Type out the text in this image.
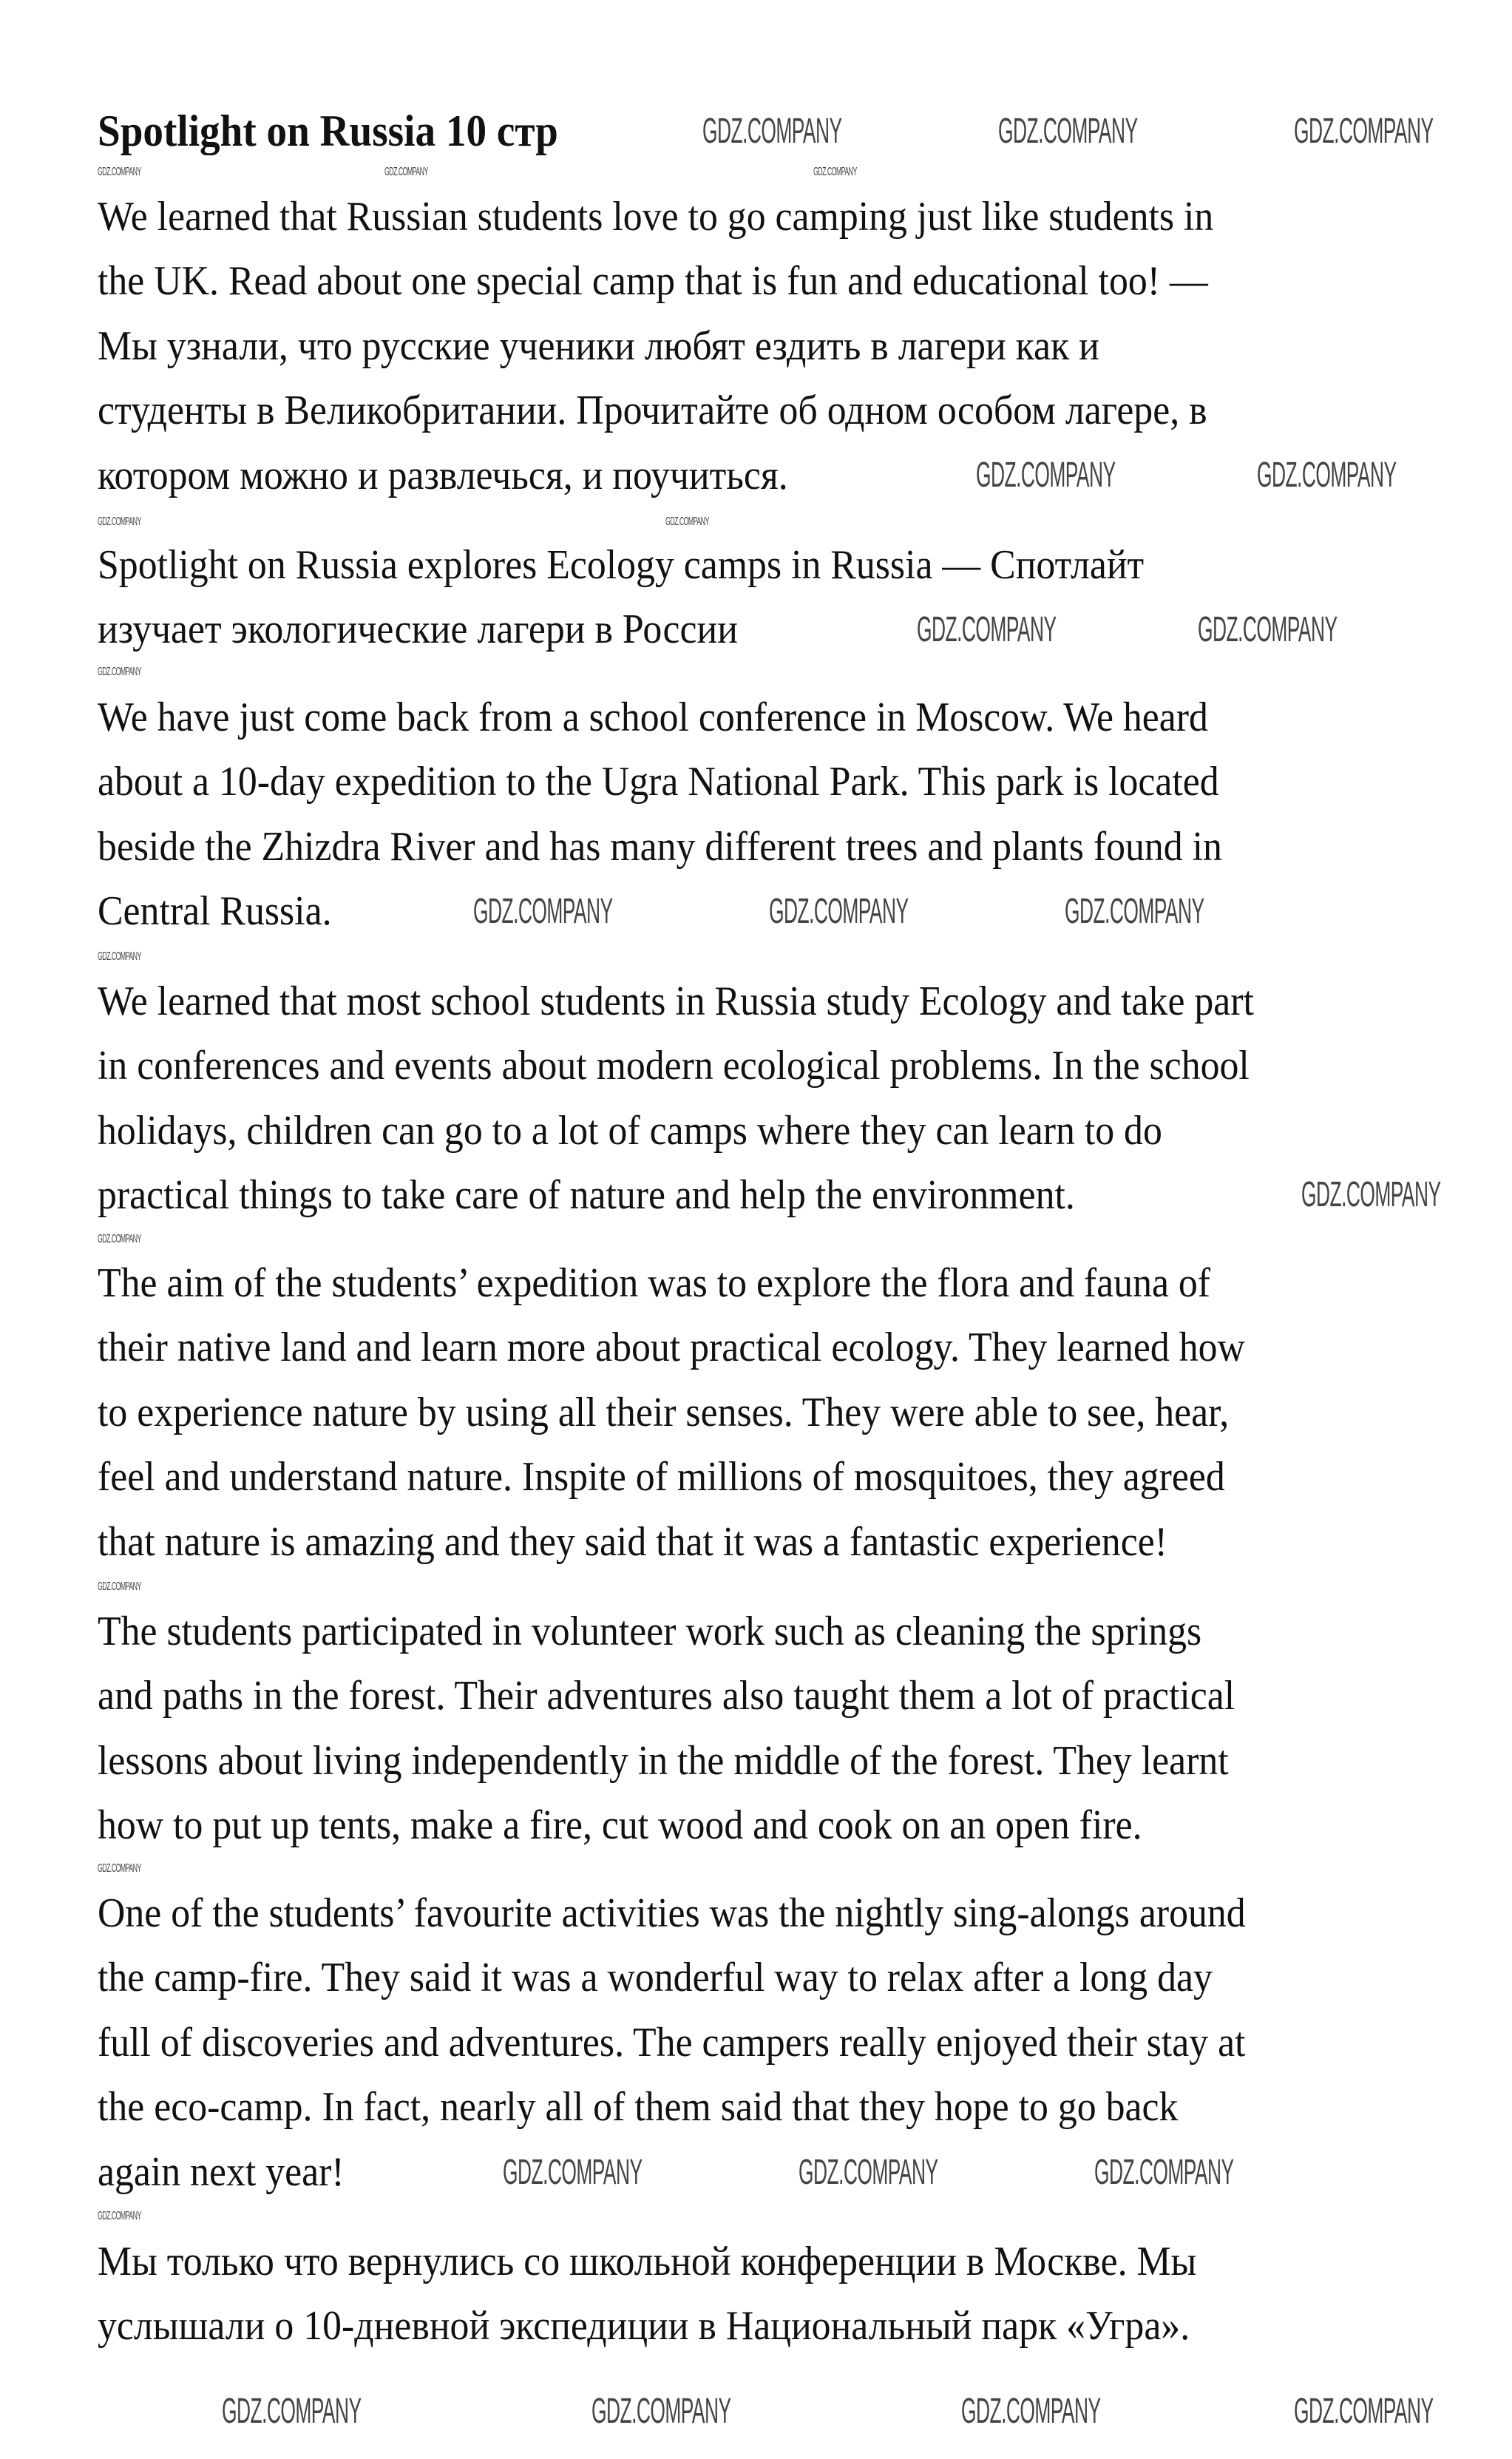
Spotlight on Russia 10 стр
We learned that Russian students love to go camping just like students in
the UK. Read about one special camp that is fun and educational too! —
Мы узнали, что русские ученики любят ездить в лагери как и
студенты в Великобритании. Прочитайте об одном особом лагере, в
котором можно и развлечься, и поучиться.
Spotlight on Russia explores Ecology camps in Russia — Спотлайт
изучает экологические лагери в России
We have just come back from a school conference in Moscow. We heard
about a 10-day expedition to the Ugra National Park. This park is located
beside the Zhizdra River and has many different trees and plants found in
Central Russia.
We learned that most school students in Russia study Ecology and take part
in conferences and events about modern ecological problems. In the school
holidays, children can go to a lot of camps where they can learn to do
practical things to take care of nature and help the environment.
The aim of the students’ expedition was to explore the flora and fauna of
their native land and learn more about practical ecology. They learned how
to experience nature by using all their senses. They were able to see, hear,
feel and understand nature. Inspite of millions of mosquitoes, they agreed
that nature is amazing and they said that it was a fantastic experience!
The students participated in volunteer work such as cleaning the springs
and paths in the forest. Their adventures also taught them a lot of practical
lessons about living independently in the middle of the forest. They learnt
how to put up tents, make a fire, cut wood and cook on an open fire.
One of the students’ favourite activities was the nightly sing-alongs around
the camp-fire. They said it was a wonderful way to relax after a long day
full of discoveries and adventures. The campers really enjoyed their stay at
the eco-camp. In fact, nearly all of them said that they hope to go back
again next year!
Мы только что вернулись со школьной конференции в Москве. Мы
услышали о 10-дневной экспедиции в Национальный парк «Угра».
GDZ.COMPANY	GDZ.COMPANY	GDZ.COMPANY
GDZ.COMPANY	GDZ.COMPANY
GDZ.COMPANY	GDZ.COMPANY
GDZ.COMPANY	GDZ.COMPANY	GDZ.COMPANY
GDZ.COMPANY
GDZ.COMPANY	GDZ.COMPANY	GDZ.COMPANY
GDZ.COMPANY	GDZ.COMPANY	GDZ.COMPANY	GDZ.COMPANY
GDZ.COMPANY	GDZ.COMPANY	GDZ.COMPANY
GDZ.COMPANY	GDZ.COMPANY
GDZ.COMPANY
GDZ.COMPANY
GDZ.COMPANY
GDZ.COMPANY
GDZ.COMPANY
GDZ.COMPANY
